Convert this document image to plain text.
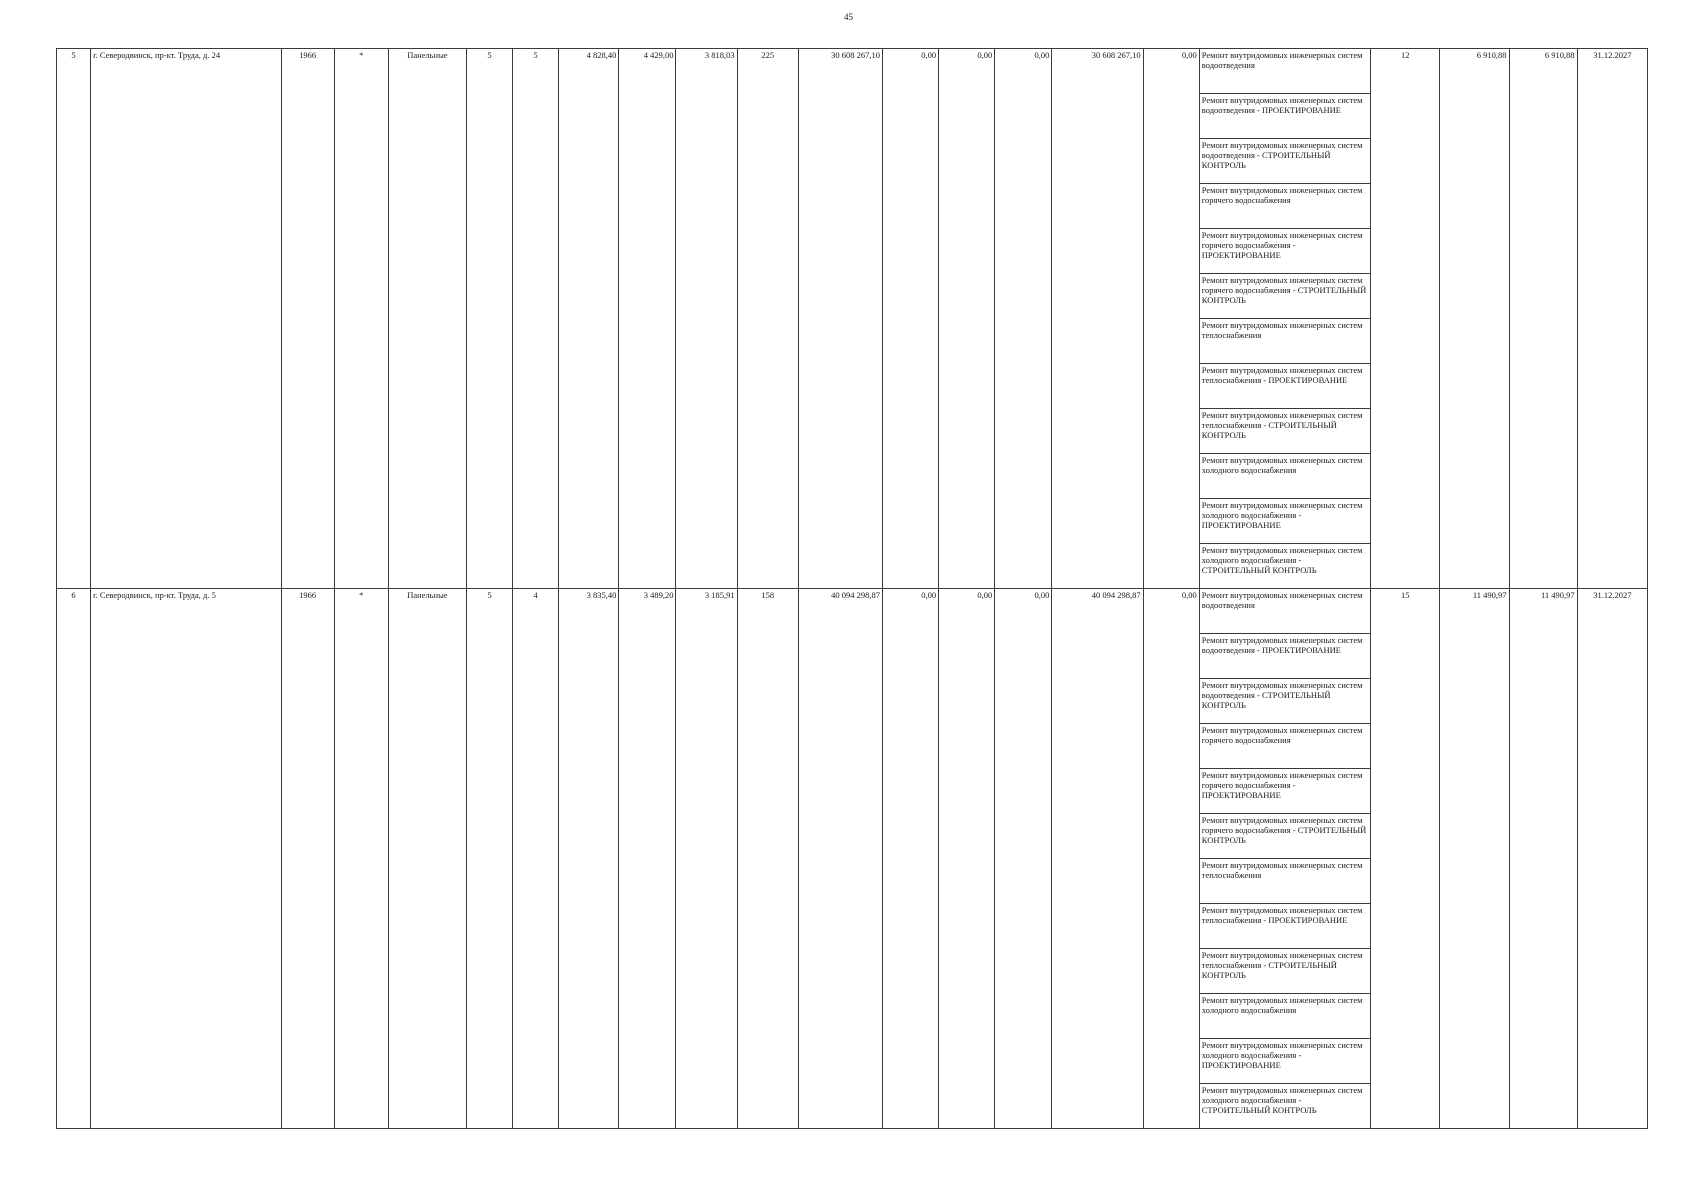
45
5	г. Северодвинск, пр-кт. Труда, д. 24	1966	*	Панельные	5	5	4 828,40	4 429,00	3 818,03	225	30 608 267,10	0,00	0,00	0,00	30 608 267,10	0,00	Ремонт внутридомовых инженерных систем водоотведения	12	6 910,88	6 910,88	31.12.2027
																	Ремонт внутридомовых инженерных систем водоотведения - ПРОЕКТИРОВАНИЕ				
																	Ремонт внутридомовых инженерных систем водоотведения - СТРОИТЕЛЬНЫЙ КОНТРОЛЬ				
																	Ремонт внутридомовых инженерных систем горячего водоснабжения				
																	Ремонт внутридомовых инженерных систем горячего водоснабжения - ПРОЕКТИРОВАНИЕ				
																	Ремонт внутридомовых инженерных систем горячего водоснабжения - СТРОИТЕЛЬНЫЙ КОНТРОЛЬ				
																	Ремонт внутридомовых инженерных систем теплоснабжения				
																	Ремонт внутридомовых инженерных систем теплоснабжения - ПРОЕКТИРОВАНИЕ				
																	Ремонт внутридомовых инженерных систем теплоснабжения - СТРОИТЕЛЬНЫЙ КОНТРОЛЬ				
																	Ремонт внутридомовых инженерных систем холодного водоснабжения				
																	Ремонт внутридомовых инженерных систем холодного водоснабжения - ПРОЕКТИРОВАНИЕ				
																	Ремонт внутридомовых инженерных систем холодного водоснабжения - СТРОИТЕЛЬНЫЙ КОНТРОЛЬ				
6	г. Северодвинск, пр-кт. Труда, д. 5	1966	*	Панельные	5	4	3 835,40	3 489,20	3 185,91	158	40 094 298,87	0,00	0,00	0,00	40 094 298,87	0,00	Ремонт внутридомовых инженерных систем водоотведения	15	11 490,97	11 490,97	31.12.2027
																	Ремонт внутридомовых инженерных систем водоотведения - ПРОЕКТИРОВАНИЕ				
																	Ремонт внутридомовых инженерных систем водоотведения - СТРОИТЕЛЬНЫЙ КОНТРОЛЬ				
																	Ремонт внутридомовых инженерных систем горячего водоснабжения				
																	Ремонт внутридомовых инженерных систем горячего водоснабжения - ПРОЕКТИРОВАНИЕ				
																	Ремонт внутридомовых инженерных систем горячего водоснабжения - СТРОИТЕЛЬНЫЙ КОНТРОЛЬ				
																	Ремонт внутридомовых инженерных систем теплоснабжения				
																	Ремонт внутридомовых инженерных систем теплоснабжения - ПРОЕКТИРОВАНИЕ				
																	Ремонт внутридомовых инженерных систем теплоснабжения - СТРОИТЕЛЬНЫЙ КОНТРОЛЬ				
																	Ремонт внутридомовых инженерных систем холодного водоснабжения				
																	Ремонт внутридомовых инженерных систем холодного водоснабжения - ПРОЕКТИРОВАНИЕ				
																	Ремонт внутридомовых инженерных систем холодного водоснабжения - СТРОИТЕЛЬНЫЙ КОНТРОЛЬ				
